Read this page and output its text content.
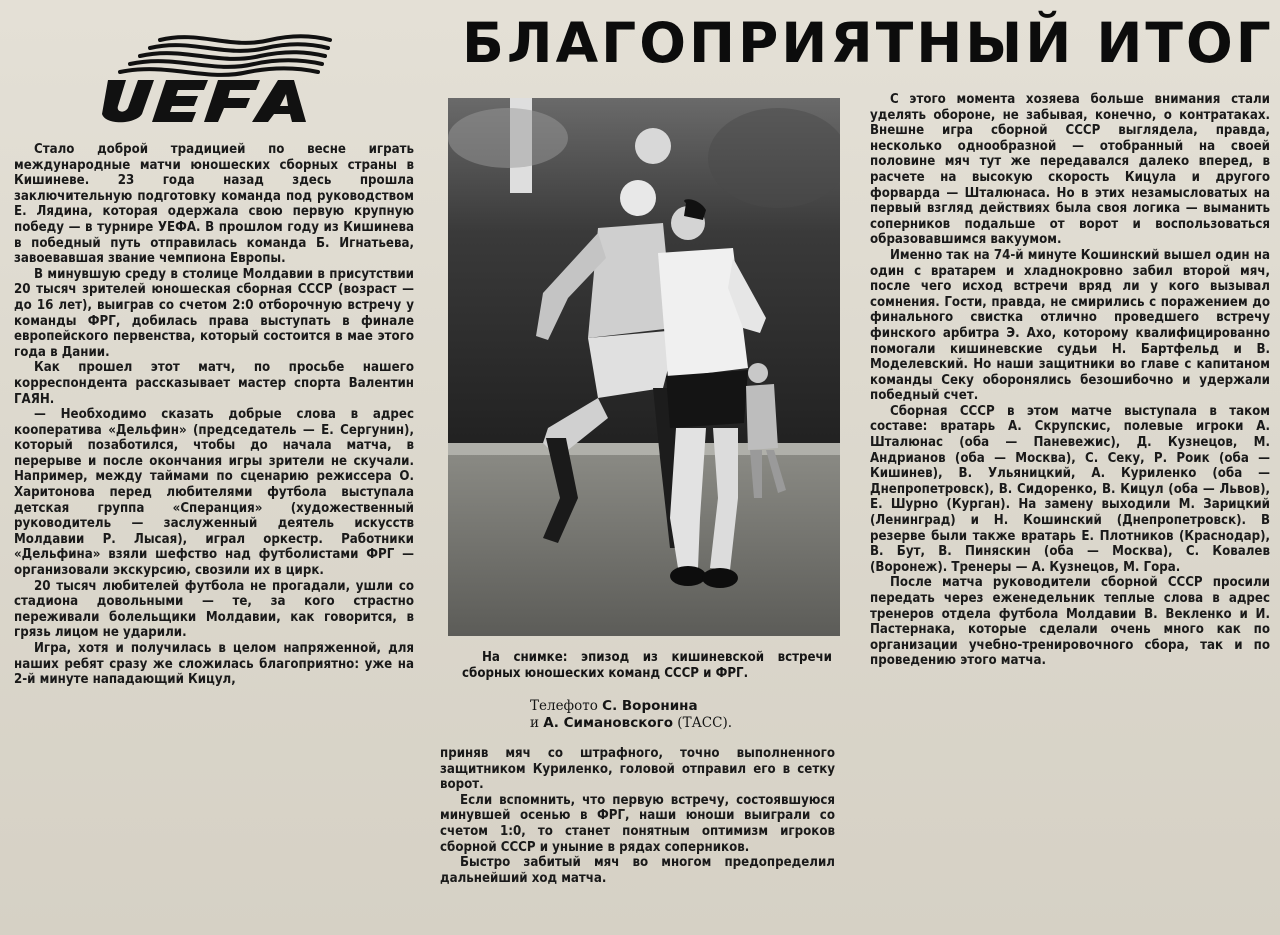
БЛАГОПРИЯТНЫЙ ИТОГ

Стало доброй традицией по весне играть международные матчи юношеских сборных страны в Кишиневе. 23 года назад здесь прошла заключительную подготовку команда под руководством Е. Лядина, которая одержала свою первую крупную победу — в турнире УЕФА. В прошлом году из Кишинева в победный путь отправилась команда Б. Игнатьева, завоевавшая звание чемпиона Европы.

В минувшую среду в столице Молдавии в присутствии 20 тысяч зрителей юношеская сборная СССР (возраст — до 16 лет), выиграв со счетом 2:0 отборочную встречу у команды ФРГ, добилась права выступать в финале европейского первенства, который состоится в мае этого года в Дании.

Как прошел этот матч, по просьбе нашего корреспондента рассказывает мастер спорта Валентин ГАЯН.

— Необходимо сказать добрые слова в адрес кооператива «Дельфин» (председатель — Е. Сергунин), который позаботился, чтобы до начала матча, в перерыве и после окончания игры зрители не скучали. Например, между таймами по сценарию режиссера О. Харитонова перед любителями футбола выступала детская группа «Сперанция» (художественный руководитель — заслуженный деятель искусств Молдавии Р. Лысая), играл оркестр. Работники «Дельфина» взяли шефство над футболистами ФРГ — организовали экскурсию, свозили их в цирк.

20 тысяч любителей футбола не прогадали, ушли со стадиона довольными — те, за кого страстно переживали болельщики Молдавии, как говорится, в грязь лицом не ударили.

Игра, хотя и получилась в целом напряженной, для наших ребят сразу же сложилась благоприятно: уже на 2-й минуте нападающий Кицул,

На снимке: эпизод из кишиневской встречи сборных юношеских команд СССР и ФРГ.
Телефото С. Воронина
и А. Симановского (ТАСС).

приняв мяч со штрафного, точно выполненного защитником Куриленко, головой отправил его в сетку ворот.

Если вспомнить, что первую встречу, состоявшуюся минувшей осенью в ФРГ, наши юноши выиграли со счетом 1:0, то станет понятным оптимизм игроков сборной СССР и уныние в рядах соперников.

Быстро забитый мяч во многом предопределил дальнейший ход матча.

С этого момента хозяева больше внимания стали уделять обороне, не забывая, конечно, о контратаках. Внешне игра сборной СССР выглядела, правда, несколько однообразной — отобранный на своей половине мяч тут же передавался далеко вперед, в расчете на высокую скорость Кицула и другого форварда — Шталюнаса. Но в этих незамысловатых на первый взгляд действиях была своя логика — выманить соперников подальше от ворот и воспользоваться образовавшимся вакуумом.

Именно так на 74-й минуте Кошинский вышел один на один с вратарем и хладнокровно забил второй мяч, после чего исход встречи вряд ли у кого вызывал сомнения. Гости, правда, не смирились с поражением до финального свистка отлично проведшего встречу финского арбитра Э. Ахо, которому квалифицированно помогали кишиневские судьи Н. Бартфельд и В. Моделевский. Но наши защитники во главе с капитаном команды Секу оборонялись безошибочно и удержали победный счет.

Сборная СССР в этом матче выступала в таком составе: вратарь А. Скрупскис, полевые игроки А. Шталюнас (оба — Паневежис), Д. Кузнецов, М. Андрианов (оба — Москва), С. Секу, Р. Роик (оба — Кишинев), В. Ульяницкий, А. Куриленко (оба — Днепропетровск), В. Сидоренко, В. Кицул (оба — Львов), Е. Шурно (Курган). На замену выходили М. Зарицкий (Ленинград) и Н. Кошинский (Днепропетровск). В резерве были также вратарь Е. Плотников (Краснодар), В. Бут, В. Пиняскин (оба — Москва), С. Ковалев (Воронеж). Тренеры — А. Кузнецов, М. Гора.

После матча руководители сборной СССР просили передать через еженедельник теплые слова в адрес тренеров отдела футбола Молдавии В. Векленко и И. Пастернака, которые сделали очень много как по организации учебно-тренировочного сбора, так и по проведению этого матча.
